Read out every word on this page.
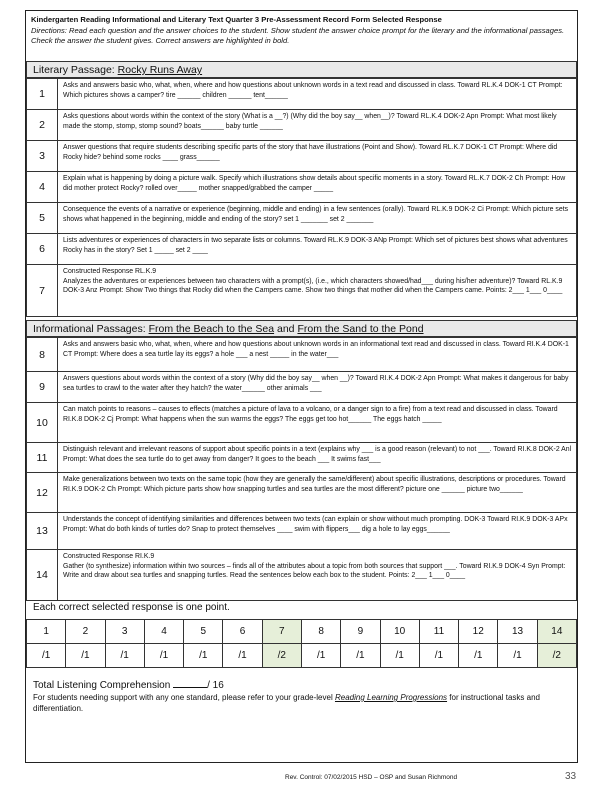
Kindergarten Reading Informational and Literary Text Quarter 3 Pre-Assessment Record Form Selected Response
Directions: Read each question and the answer choices to the student. Show student the answer choice prompt for the literary and the informational passages. Check the answer the student gives. Correct answers are highlighted in bold.
Literary Passage: Rocky Runs Away
1	Asks and answers basic who, what, when, where and how questions about unknown words in a text read and discussed in class. Toward RL.K.4 DOK-1 CT Prompt: Which pictures shows a camper? tire ______ children ______ tent______
2	Asks questions about words within the context of the story (What is a __?) (Why did the boy say__ when__)? Toward RL.K.4 DOK-2 Apn Prompt: What most likely made the stomp, stomp, stomp sound? boats______ baby turtle ______
3	Answer questions that require students describing specific parts of the story that have illustrations (Point and Show). Toward RL.K.7 DOK-1 CT Prompt: Where did Rocky hide? behind some rocks ____ grass______
4	Explain what is happening by doing a picture walk. Specify which illustrations show details about specific moments in a story. Toward RL.K.7 DOK-2 Ch Prompt: How did mother protect Rocky? rolled over_____ mother snapped/grabbed the camper _____
5	Consequence the events of a narrative or experience (beginning, middle and ending) in a few sentences (orally). Toward RL.K.9 DOK-2 Ci Prompt: Which picture sets shows what happened in the beginning, middle and ending of the story? set 1 _______ set 2 _______
6	Lists adventures or experiences of characters in two separate lists or columns. Toward RL.K.9 DOK-3 ANp Prompt: Which set of pictures best shows what adventures Rocky has in the story? Set 1 _____ set 2 ____
7	Constructed Response RL.K.9
Analyzes the adventures or experiences between two characters with a prompt(s), (i.e., which characters showed/had___ during his/her adventure)? Toward RL.K.9 DOK-3 Anz Prompt: Show Two things that Rocky did when the Campers came. Show two things that mother did when the Campers came. Points: 2___ 1___ 0____
Informational Passages: From the Beach to the Sea and From the Sand to the Pond
8	Asks and answers basic who, what, when, where and how questions about unknown words in an informational text read and discussed in class. Toward RI.K.4 DOK-1 CT Prompt: Where does a sea turtle lay its eggs? a hole ___ a nest _____ in the water___
9	Answers questions about words within the context of a story (Why did the boy say__ when __)? Toward RI.K.4 DOK-2 Apn Prompt: What makes it dangerous for baby sea turtles to crawl to the water after they hatch? the water______ other animals ___
10	Can match points to reasons – causes to effects (matches a picture of lava to a volcano, or a danger sign to a fire) from a text read and discussed in class. Toward RI.K.8 DOK-2 Cj Prompt: What happens when the sun warms the eggs? The eggs get too hot______ The eggs hatch _____
11	Distinguish relevant and irrelevant reasons of support about specific points in a text (explains why ___ is a good reason (relevant) to not ___. Toward RI.K.8 DOK-2 Anl Prompt: What does the sea turtle do to get away from danger? It goes to the beach ___ It swims fast___
12	Make generalizations between two texts on the same topic (how they are generally the same/different) about specific illustrations, descriptions or procedures. Toward RI.K.9 DOK-2 Ch Prompt: Which picture parts show how snapping turtles and sea turtles are the most different? picture one ______ picture two______
13	Understands the concept of identifying similarities and differences between two texts (can explain or show without much prompting. DOK-3 Toward RI.K.9 DOK-3 APx Prompt: What do both kinds of turtles do? Snap to protect themselves ____ swim with flippers___ dig a hole to lay eggs______
14	Constructed Response RI.K.9
Gather (to synthesize) information within two sources – finds all of the attributes about a topic from both sources that support ___. Toward RI.K.9 DOK-4 Syn Prompt: Write and draw about sea turtles and snapping turtles. Read the sentences below each box to the student. Points: 2___ 1___ 0____
Each correct selected response is one point.
1	2	3	4	5	6	7	8	9	10	11	12	13	14
/1	/1	/1	/1	/1	/1	/2	/1	/1	/1	/1	/1	/1	/2
Total Listening Comprehension	/ 16
For students needing support with any one standard, please refer to your grade-level Reading Learning Progressions for instructional tasks and differentiation.
Rev. Control: 07/02/2015 HSD – OSP and Susan Richmond	33
